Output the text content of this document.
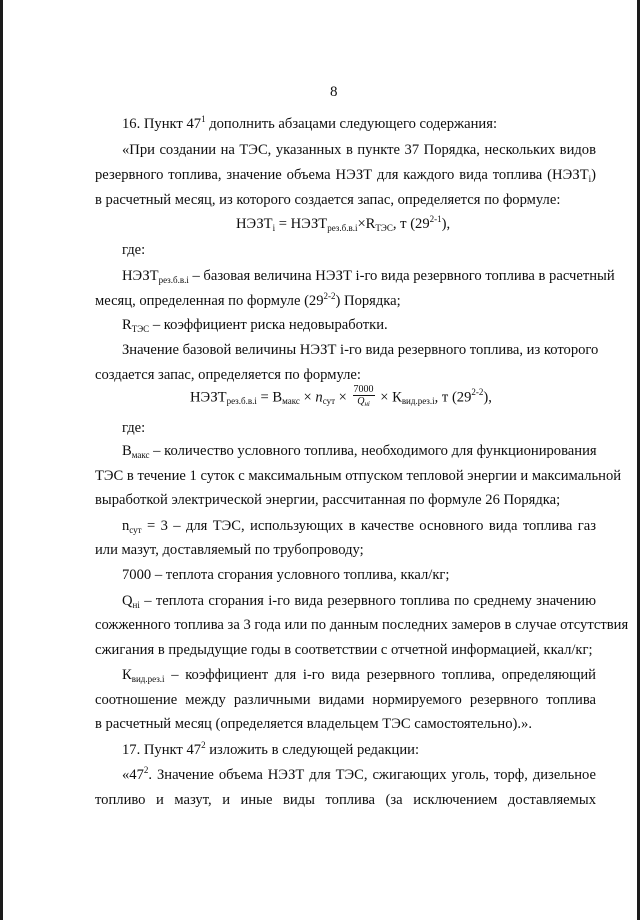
8
16. Пункт $47^1$ дополнить абзацами следующего содержания:
«При создании на ТЭС, указанных в пункте 37 Порядка, нескольких видов
резервного топлива, значение объема НЭЗТ для каждого вида топлива $(НЭЗТ_i)$
в расчетный месяц, из которого создается запас, определяется по формуле:
$НЭЗТ_i$ = $НЭЗТ_{рез.б.в.i}\times R_{ТЭС}$, т (29$^{2-1}$),
где:
$НЭЗТ_{рез.б.в.i}$ – базовая величина НЭЗТ i-го вида резервного топлива в расчетный
месяц, определенная по формуле (29$^{2-2}$) Порядка;
$R_{ТЭС}$ – коэффициент риска недовыработки.
Значение базовой величины НЭЗТ i-го вида резервного топлива, из которого
создается запас, определяется по формуле:
$НЭЗТ_{рез.б.в.i} = В_{макс} \times n_{сут} \times \frac{7000}{Q_{нi}} \times К_{вид.рез.i}$, т (29$^{2-2}$),
где:
$В_{макс}$ – количество условного топлива, необходимого для функционирования
ТЭС в течение 1 суток с максимальным отпуском тепловой энергии и максимальной
выработкой электрической энергии, рассчитанная по формуле 26 Порядка;
$n_{сут} = 3$ – для ТЭС, использующих в качестве основного вида топлива газ
или мазут, доставляемый по трубопроводу;
7000 – теплота сгорания условного топлива, ккал/кг;
$Q_{нi}$ – теплота сгорания i-го вида резервного топлива по среднему значению
сожженного топлива за 3 года или по данным последних замеров в случае отсутствия
сжигания в предыдущие годы в соответствии с отчетной информацией, ккал/кг;
$К_{вид.рез.i}$ – коэффициент для i-го вида резервного топлива, определяющий
соотношение между различными видами нормируемого резервного топлива
в расчетный месяц (определяется владельцем ТЭС самостоятельно).».
17. Пункт $47^2$ изложить в следующей редакции:
«$47^2$. Значение объема НЭЗТ для ТЭС, сжигающих уголь, торф, дизельное
топливо и мазут, и иные виды топлива (за исключением доставляемых
